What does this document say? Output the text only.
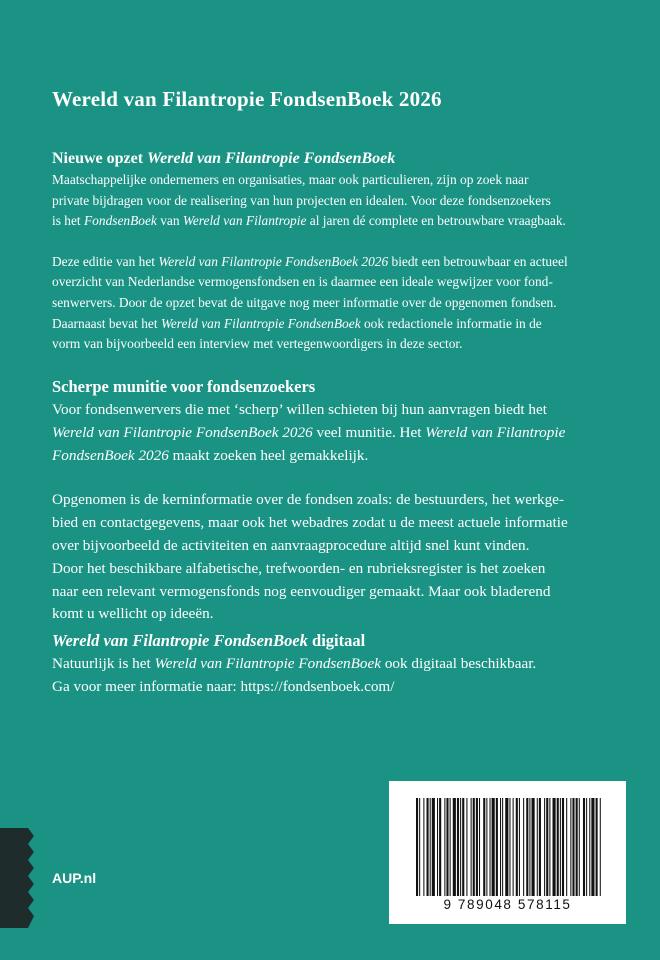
Wereld van Filantropie FondsenBoek 2026
Nieuwe opzet Wereld van Filantropie FondsenBoek

Maatschappelijke ondernemers en organisaties, maar ook particulieren, zijn op zoek naar
private bijdragen voor de realisering van hun projecten en idealen. Voor deze fondsenzoekers
is het FondsenBoek van Wereld van Filantropie al jaren dé complete en betrouwbare vraagbaak.

Deze editie van het Wereld van Filantropie FondsenBoek 2026 biedt een betrouwbaar en actueel
overzicht van Nederlandse vermogensfondsen en is daarmee een ideale wegwijzer voor fond-
senwervers. Door de opzet bevat de uitgave nog meer informatie over de opgenomen fondsen.
Daarnaast bevat het Wereld van Filantropie FondsenBoek ook redactionele informatie in de
vorm van bijvoorbeeld een interview met vertegenwoordigers in deze sector.

Scherpe munitie voor fondsenzoekers

Voor fondsenwervers die met ‘scherp’ willen schieten bij hun aanvragen biedt het
Wereld van Filantropie FondsenBoek 2026 veel munitie. Het Wereld van Filantropie
FondsenBoek 2026 maakt zoeken heel gemakkelijk.

Opgenomen is de kerninformatie over de fondsen zoals: de bestuurders, het werkge-
bied en contactgegevens, maar ook het webadres zodat u de meest actuele informatie
over bijvoorbeeld de activiteiten en aanvraagprocedure altijd snel kunt vinden.
Door het beschikbare alfabetische, trefwoorden- en rubrieksregister is het zoeken
naar een relevant vermogensfonds nog eenvoudiger gemaakt. Maar ook bladerend
komt u wellicht op ideeën.

Wereld van Filantropie FondsenBoek digitaal

Natuurlijk is het Wereld van Filantropie FondsenBoek ook digitaal beschikbaar.
Ga voor meer informatie naar: https://fondsenboek.com/

9 789048 578115
AUP.nl
